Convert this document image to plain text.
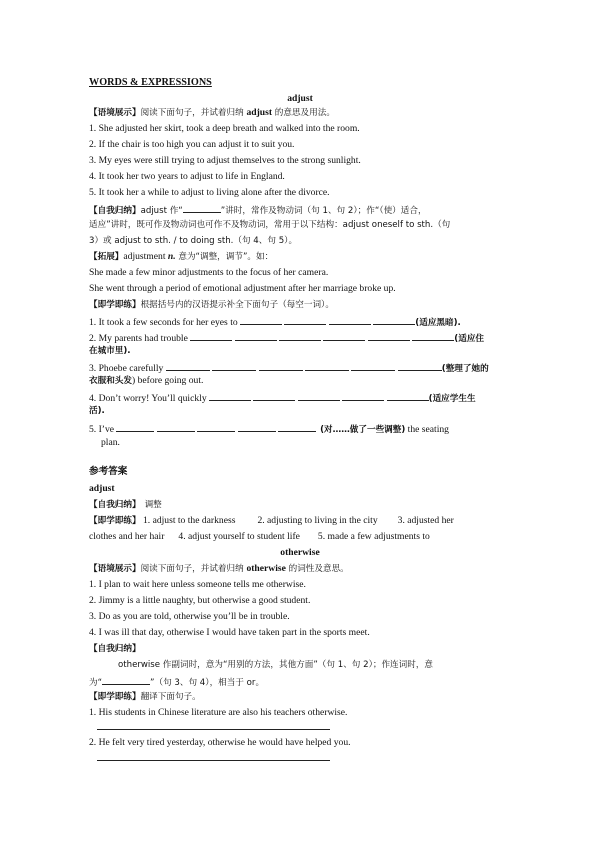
WORDS & EXPRESSIONS
adjust
【语境展示】阅读下面句子，并试着归纳 adjust 的意思及用法。
1. She adjusted her skirt, took a deep breath and walked into the room.
2. If the chair is too high you can adjust it to suit you.
3. My eyes were still trying to adjust themselves to the strong sunlight.
4. It took her two years to adjust to life in England.
5. It took her a while to adjust to living alone after the divorce.
【自我归纳】adjust 作“	”讲时，常作及物动词（句 1、句 2）；作“（使）适合，
适应”讲时，既可作及物动词也可作不及物动词，常用于以下结构：adjust oneself to sth.（句
3）或 adjust to sth. / to doing sth.（句 4、句 5）。
【拓展】adjustment n. 意为“调整，调节”。如：
She made a few minor adjustments to the focus of her camera.
She went through a period of emotional adjustment after her marriage broke up.
【即学即练】根据括号内的汉语提示补全下面句子（每空一词）。
1. It took a few seconds for her eyes to	(适应黑暗).
2. My parents had trouble	(适应住
在城市里).
3. Phoebe carefully	(整理了她的
衣服和头发) before going out.
4. Don’t worry! You’ll quickly	(适应学生生
活).
5. I’ve	(对……做了一些调整) the seating
plan.
参考答案
adjust
【自我归纳】 调整
【即学即练】 1. adjust to the darkness 2. adjusting to living in the city 3. adjusted her
clothes and her hair 4. adjust yourself to student life 5. made a few adjustments to
otherwise
【语境展示】阅读下面句子，并试着归纳 otherwise 的词性及意思。
1. I plan to wait here unless someone tells me otherwise.
2. Jimmy is a little naughty, but otherwise a good student.
3. Do as you are told, otherwise you’ll be in trouble.
4. I was ill that day, otherwise I would have taken part in the sports meet.
【自我归纳】
otherwise 作副词时，意为“用别的方法，其他方面”（句 1、句 2）；作连词时，意
为“	”（句 3、句 4），相当于 or。
【即学即练】翻译下面句子。
1. His students in Chinese literature are also his teachers otherwise.
2. He felt very tired yesterday, otherwise he would have helped you.
